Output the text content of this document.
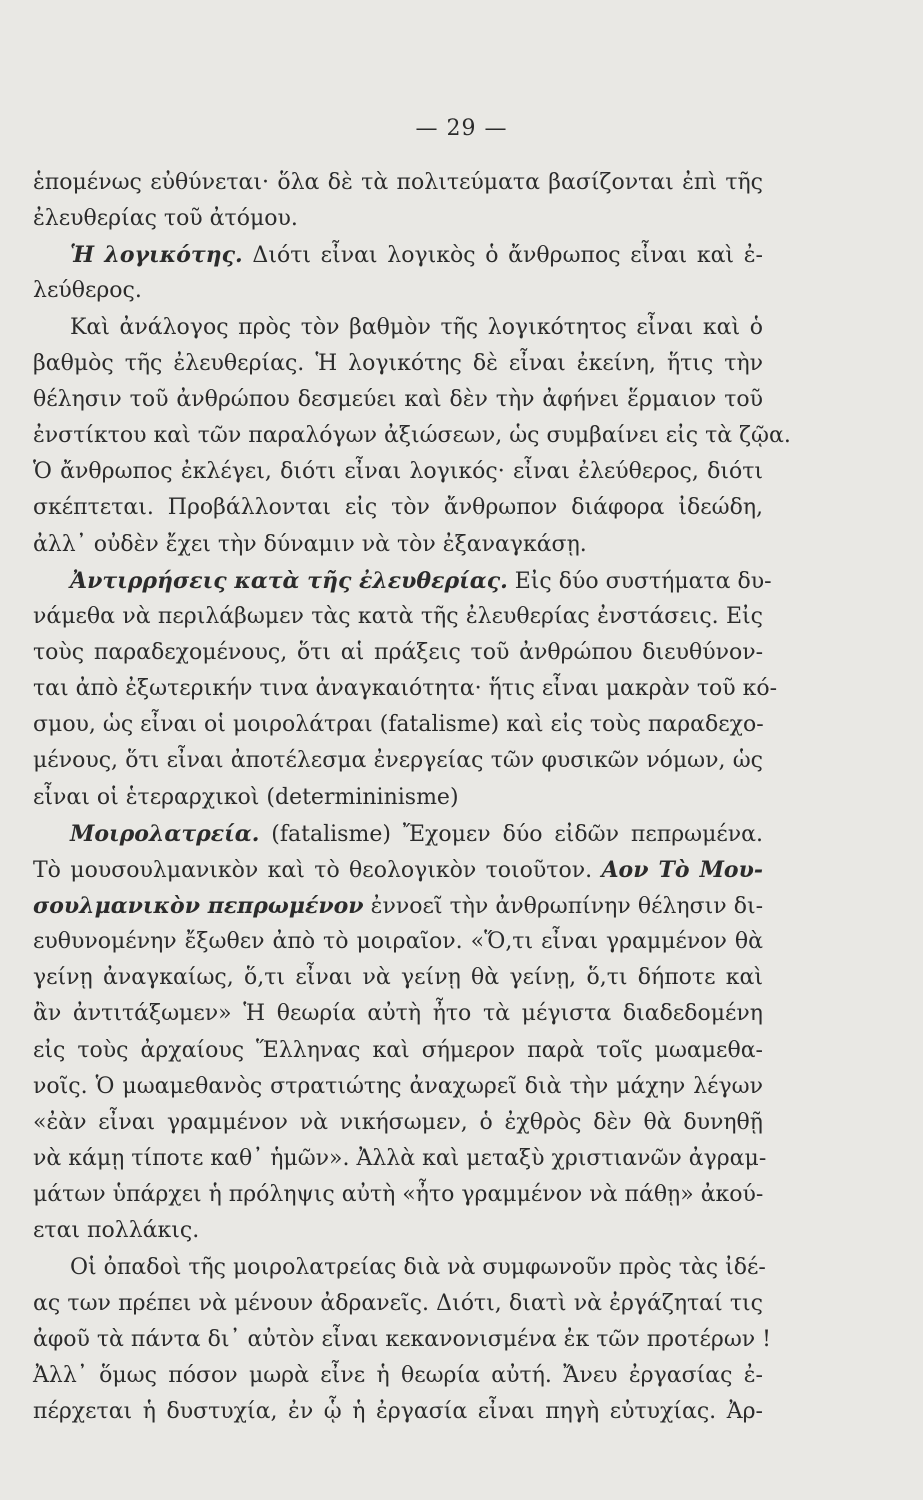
— 29 —
ἑπομένως εὐθύνεται· ὅλα δὲ τὰ πολιτεύματα βασίζονται ἐπὶ τῆς
ἐλευθερίας τοῦ ἀτόμου.
Ἡ λογικότης. Διότι εἶναι λογικὸς ὁ ἄνθρωπος εἶναι καὶ ἐ-
λεύθερος.
Καὶ ἀνάλογος πρὸς τὸν βαθμὸν τῆς λογικότητος εἶναι καὶ ὁ
βαθμὸς τῆς ἐλευθερίας. Ἡ λογικότης δὲ εἶναι ἐκείνη, ἥτις τὴν
θέλησιν τοῦ ἀνθρώπου δεσμεύει καὶ δὲν τὴν ἀφήνει ἕρμαιον τοῦ
ἐνστίκτου καὶ τῶν παραλόγων ἀξιώσεων, ὡς συμβαίνει εἰς τὰ ζῷα.
Ὁ ἄνθρωπος ἐκλέγει, διότι εἶναι λογικός· εἶναι ἐλεύθερος, διότι
σκέπτεται. Προβάλλονται εἰς τὸν ἄνθρωπον διάφορα ἰδεώδη,
ἀλλ᾽ οὐδὲν ἔχει τὴν δύναμιν νὰ τὸν ἐξαναγκάσῃ.
Ἀντιρρήσεις κατὰ τῆς ἐλευθερίας. Εἰς δύο συστήματα δυ-
νάμεθα νὰ περιλάβωμεν τὰς κατὰ τῆς ἐλευθερίας ἐνστάσεις. Εἰς
τοὺς παραδεχομένους, ὅτι αἱ πράξεις τοῦ ἀνθρώπου διευθύνον-
ται ἀπὸ ἐξωτερικήν τινα ἀναγκαιότητα· ἥτις εἶναι μακρὰν τοῦ κό-
σμου, ὡς εἶναι οἱ μοιρολάτραι (fatalisme) καὶ εἰς τοὺς παραδεχο-
μένους, ὅτι εἶναι ἀποτέλεσμα ἐνεργείας τῶν φυσικῶν νόμων, ὡς
εἶναι οἱ ἑτεραρχικοὶ (determininisme)
Μοιρολατρεία. (fatalisme) Ἔχομεν δύο εἰδῶν πεπρωμένα.
Τὸ μουσουλμανικὸν καὶ τὸ θεολογικὸν τοιοῦτον. Αον Τὸ Μου-
σουλμανικὸν πεπρωμένον ἐννοεῖ τὴν ἀνθρωπίνην θέλησιν δι-
ευθυνομένην ἔξωθεν ἀπὸ τὸ μοιραῖον. «Ὅ,τι εἶναι γραμμένον θὰ
γείνῃ ἀναγκαίως, ὅ,τι εἶναι νὰ γείνῃ θὰ γείνῃ, ὅ,τι δήποτε καὶ
ἂν ἀντιτάξωμεν» Ἡ θεωρία αὐτὴ ἦτο τὰ μέγιστα διαδεδομένη
εἰς τοὺς ἀρχαίους Ἕλληνας καὶ σήμερον παρὰ τοῖς μωαμεθα-
νοῖς. Ὁ μωαμεθανὸς στρατιώτης ἀναχωρεῖ διὰ τὴν μάχην λέγων
«ἐὰν εἶναι γραμμένον νὰ νικήσωμεν, ὁ ἐχθρὸς δὲν θὰ δυνηθῇ
νὰ κάμῃ τίποτε καθ᾽ ἡμῶν». Ἀλλὰ καὶ μεταξὺ χριστιανῶν ἀγραμ-
μάτων ὑπάρχει ἡ πρόληψις αὐτὴ «ἦτο γραμμένον νὰ πάθῃ» ἀκού-
εται πολλάκις.
Οἱ ὀπαδοὶ τῆς μοιρολατρείας διὰ νὰ συμφωνοῦν πρὸς τὰς ἰδέ-
ας των πρέπει νὰ μένουν ἀδρανεῖς. Διότι, διατὶ νὰ ἐργάζηταί τις
ἀφοῦ τὰ πάντα δι᾽ αὐτὸν εἶναι κεκανονισμένα ἐκ τῶν προτέρων !
Ἀλλ᾽ ὅμως πόσον μωρὰ εἶνε ἡ θεωρία αὐτή. Ἄνευ ἐργασίας ἐ-
πέρχεται ἡ δυστυχία, ἐν ᾧ ἡ ἐργασία εἶναι πηγὴ εὐτυχίας. Ἀρ-
